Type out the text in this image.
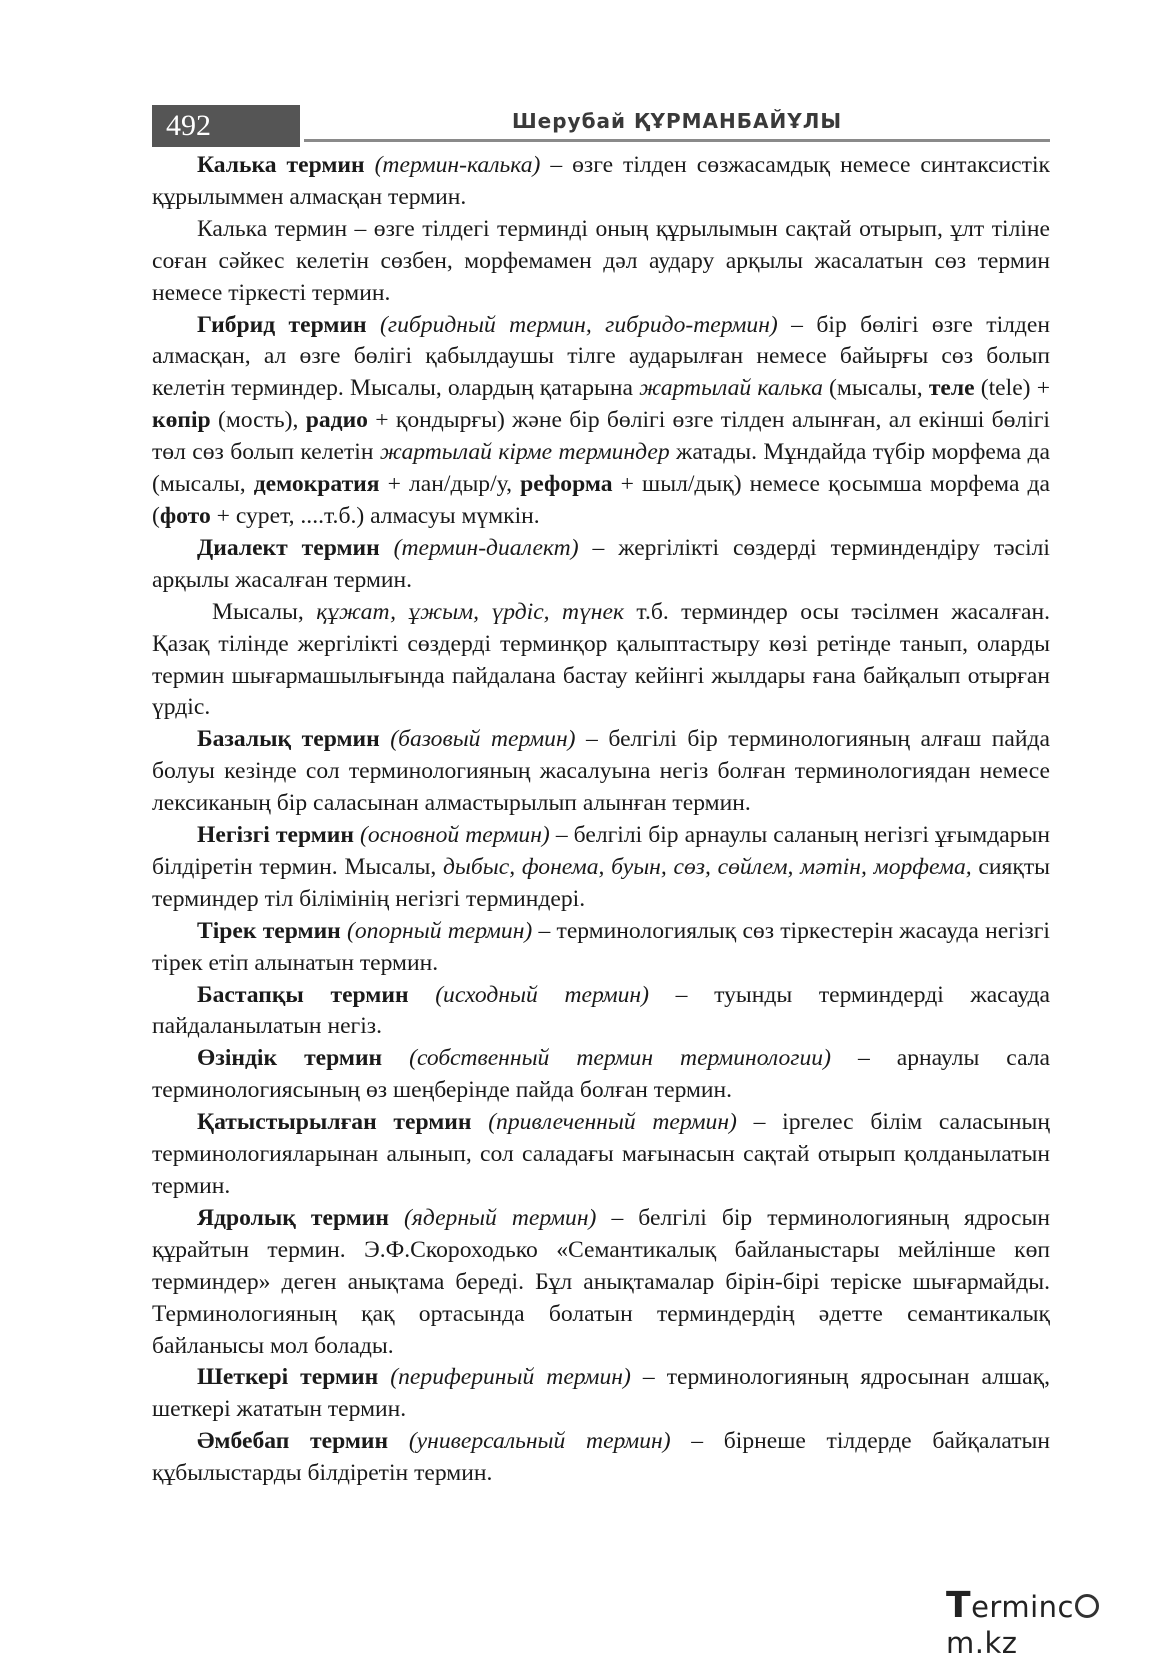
492	Шерубай ҚҰРМАНБАЙҰЛЫ

Калька термин (термин-калька) – өзге тілден сөзжасамдық немесе синтаксистік құрылыммен алмасқан термин.

Калька термин – өзге тілдегі терминді оның құрылымын сақтай отырып, ұлт тіліне соған сәйкес келетін сөзбен, морфемамен дәл аудару арқылы жасалатын сөз термин немесе тіркесті термин.

Гибрид термин (гибридный термин, гибридо-термин) – бір бөлігі өзге тілден алмасқан, ал өзге бөлігі қабылдаушы тілге аударылған немесе байырғы сөз болып келетін терминдер. Мысалы, олардың қатарына жартылай калька (мысалы, теле (tele) + көпір (мость), радио + қондырғы) және бір бөлігі өзге тілден алынған, ал екінші бөлігі төл сөз болып келетін жартылай кірме терминдер жатады. Мұндайда түбір морфема да (мысалы, демократия + лан/дыр/у, реформа + шыл/дық) немесе қосымша морфема да (фото + сурет, ....т.б.) алмасуы мүмкін.

Диалект термин (термин-диалект) – жергілікті сөздерді терминдендіру тәсілі арқылы жасалған термин.

Мысалы, құжат, ұжым, үрдіс, түнек т.б. терминдер осы тәсілмен жасалған. Қазақ тілінде жергілікті сөздерді терминқор қалыптастыру көзі ретінде танып, оларды термин шығармашылығында пайдалана бастау кейінгі жылдары ғана байқалып отырған үрдіс.

Базалық термин (базовый термин) – белгілі бір терминологияның алғаш пайда болуы кезінде сол терминологияның жасалуына негіз болған терминологиядан немесе лексиканың бір саласынан алмастырылып алынған термин.

Негізгі термин (основной термин) – белгілі бір арнаулы саланың негізгі ұғымдарын білдіретін термин. Мысалы, дыбыс, фонема, буын, сөз, сөйлем, мәтін, морфема, сияқты терминдер тіл білімінің негізгі терминдері.

Тірек термин (опорный термин) – терминологиялық сөз тіркестерін жасауда негізгі тірек етіп алынатын термин.

Бастапқы термин (исходный термин) – туынды терминдерді жасауда пайдаланылатын негіз.

Өзіндік термин (собственный термин терминологии) – арнаулы сала терминологиясының өз шеңберінде пайда болған термин.

Қатыстырылған термин (привлеченный термин) – іргелес білім саласының терминологияларынан алынып, сол саладағы мағынасын сақтай отырып қолданылатын термин.

Ядролық термин (ядерный термин) – белгілі бір терминологияның ядросын құрайтын термин. Э.Ф.Скороходько «Семантикалық байланыстары мейлінше көп терминдер» деген анықтама береді. Бұл анықтамалар бірін-бірі теріске шығармайды. Терминологияның қақ ортасында болатын терминдердің әдетте семантикалық байланысы мол болады.

Шеткері термин (перифериный термин) – терминологияның ядросынан алшақ, шеткері жататын термин.

Әмбебап термин (универсальный термин) – бірнеше тілдерде байқалатын құбылыстарды білдіретін термин.

Termincm.kz
